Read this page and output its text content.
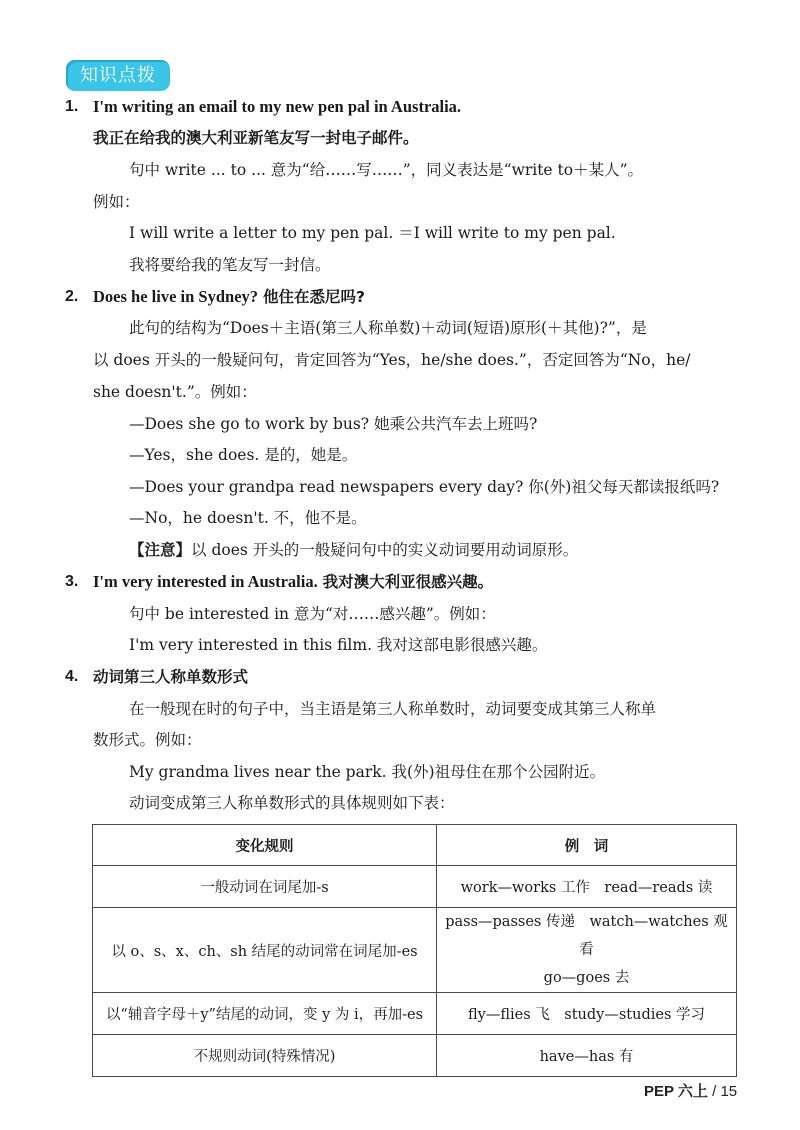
知识点拨
1. I'm writing an email to my new pen pal in Australia.
我正在给我的澳大利亚新笔友写一封电子邮件。
句中 write ... to ... 意为“给……写……”，同义表达是“write to＋某人”。
例如：
I will write a letter to my pen pal. ＝I will write to my pen pal.
我将要给我的笔友写一封信。
2. Does he live in Sydney? 他住在悉尼吗?
此句的结构为“Does＋主语(第三人称单数)＋动词(短语)原形(＋其他)?”，是
以 does 开头的一般疑问句，肯定回答为“Yes，he/she does.”，否定回答为“No，he/
she doesn't.”。例如：
—Does she go to work by bus? 她乘公共汽车去上班吗?
—Yes，she does. 是的，她是。
—Does your grandpa read newspapers every day? 你(外)祖父每天都读报纸吗?
—No，he doesn't. 不，他不是。
【注意】以 does 开头的一般疑问句中的实义动词要用动词原形。
3. I'm very interested in Australia. 我对澳大利亚很感兴趣。
句中 be interested in 意为“对……感兴趣”。例如：
I'm very interested in this film. 我对这部电影很感兴趣。
4. 动词第三人称单数形式
在一般现在时的句子中，当主语是第三人称单数时，动词要变成其第三人称单
数形式。例如：
My grandma lives near the park. 我(外)祖母住在那个公园附近。
动词变成第三人称单数形式的具体规则如下表：
变化规则	例　词
一般动词在词尾加-s	work—works 工作　read—reads 读
以 o、s、x、ch、sh 结尾的动词常在词尾加-es	pass—passes 传递　watch—watches 观看
go—goes 去

以“辅音字母＋y”结尾的动词，变 y 为 i，再加-es	fly—flies 飞　study—studies 学习
不规则动词(特殊情况)	have—has 有
PEP 六上 / 15
